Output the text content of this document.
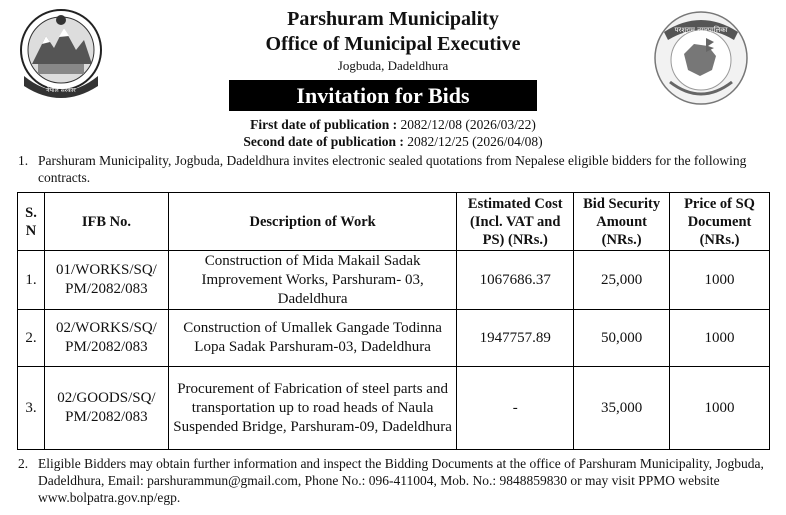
नेपाल सरकार
परशुराम नगरपालिका
Parshuram Municipality
Office of Municipal Executive
Jogbuda, Dadeldhura
Invitation for Bids
First date of publication : 2082/12/08 (2026/03/22)
Second date of publication : 2082/12/25 (2026/04/08)
1. Parshuram Municipality, Jogbuda, Dadeldhura invites electronic sealed quotations from Nepalese eligible bidders for the following contracts.
S. N	IFB No.	Description of Work	Estimated Cost (Incl. VAT and PS) (NRs.)	Bid Security Amount (NRs.)	Price of SQ Document (NRs.)
1.	01/WORKS/SQ/ PM/2082/083	Construction of Mida Makail Sadak Improvement Works, Parshuram- 03, Dadeldhura	1067686.37	25,000	1000
2.	02/WORKS/SQ/ PM/2082/083	Construction of Umallek Gangade Todinna Lopa Sadak Parshuram-03, Dadeldhura	1947757.89	50,000	1000
3.	02/GOODS/SQ/ PM/2082/083	Procurement of Fabrication of steel parts and transportation up to road heads of Naula Suspended Bridge, Parshuram-09, Dadeldhura	-	35,000	1000
2. Eligible Bidders may obtain further information and inspect the Bidding Documents at the office of Parshuram Municipality, Jogbuda, Dadeldhura, Email: parshurammun@gmail.com, Phone No.: 096-411004, Mob. No.: 9848859830 or may visit PPMO website www.bolpatra.gov.np/egp.
